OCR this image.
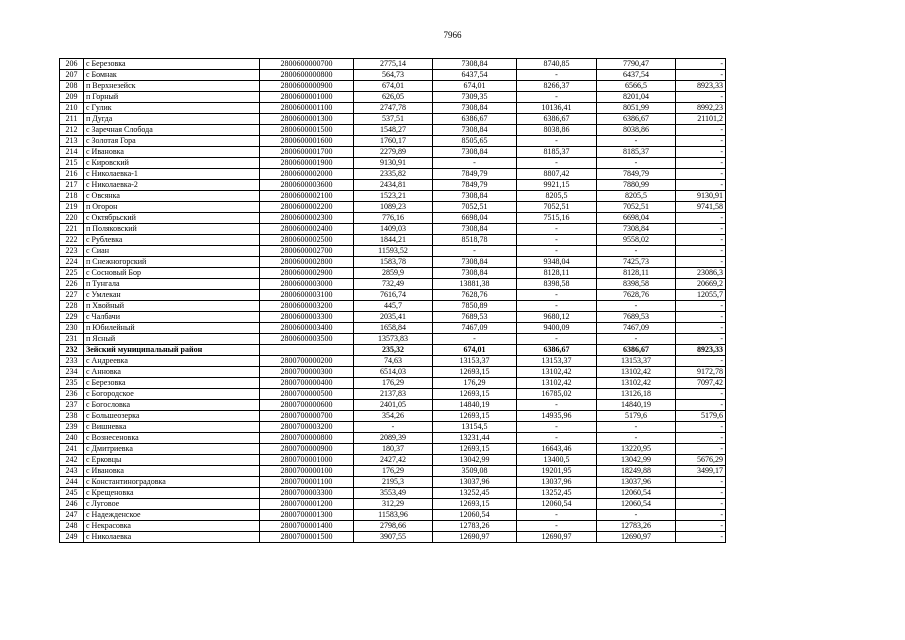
7966
206	с Березовка	2800600000700	2775,14	7308,84	8740,85	7790,47	-
207	с Бомнак	2800600000800	564,73	6437,54	-	6437,54	-
208	п Верхнезейск	2800600000900	674,01	674,01	8266,37	6566,5	8923,33
209	п Горный	2800600001000	626,05	7309,35	-	8201,04	-
210	с Гулик	2800600001100	2747,78	7308,84	10136,41	8051,99	8992,23
211	п Дугда	2800600001300	537,51	6386,67	6386,67	6386,67	21101,2
212	с Заречная Слобода	2800600001500	1548,27	7308,84	8038,86	8038,86	-
213	с Золотая Гора	2800600001600	1760,17	8505,65	-	-	-
214	с Ивановка	2800600001700	2279,89	7308,84	8185,37	8185,37	-
215	с Кировский	2800600001900	9130,91	-	-	-	-
216	с Николаевка-1	2800600002000	2335,82	7849,79	8807,42	7849,79	-
217	с Николаевка-2	2800600003600	2434,81	7849,79	9921,15	7880,99	-
218	с Овсянка	2800600002100	1523,21	7308,84	8205,5	8205,5	9130,91
219	п Огорон	2800600002200	1089,23	7052,51	7052,51	7052,51	9741,58
220	с Октябрьский	2800600002300	776,16	6698,04	7515,16	6698,04	-
221	п Поляковский	2800600002400	1409,03	7308,84	-	7308,84	-
222	с Рублевка	2800600002500	1844,21	8518,78	-	9558,02	-
223	с Сиан	2800600002700	11593,52	-	-	-	-
224	п Снежногорский	2800600002800	1583,78	7308,84	9348,04	7425,73	-
225	с Сосновый Бор	2800600002900	2859,9	7308,84	8128,11	8128,11	23086,3
226	п Тунгала	2800600003000	732,49	13881,38	8398,58	8398,58	20669,2
227	с Умлекан	2800600003100	7616,74	7628,76	-	7628,76	12055,7
228	п Хвойный	2800600003200	445,7	7850,89	-	-	-
229	с Чалбачи	2800600003300	2035,41	7689,53	9680,12	7689,53	-
230	п Юбилейный	2800600003400	1658,84	7467,09	9400,09	7467,09	-
231	п Ясный	2800600003500	13573,83	-	-	-	-
232	Зейский муниципальный район		235,32	674,01	6386,67	6386,67	8923,33
233	с Андреевка	2800700000200	74,63	13153,37	13153,37	13153,37	-
234	с Анновка	2800700000300	6514,03	12693,15	13102,42	13102,42	9172,78
235	с Березовка	2800700000400	176,29	176,29	13102,42	13102,42	7097,42
236	с Богородское	2800700000500	2137,83	12693,15	16785,02	13126,18	-
237	с Богословка	2800700000600	2401,05	14840,19	-	14840,19	-
238	с Большеозерка	2800700000700	354,26	12693,15	14935,96	5179,6	5179,6
239	с Вишневка	2800700003200	-	13154,5	-	-	-
240	с Вознесеновка	2800700000800	2089,39	13231,44	-	-	-
241	с Дмитриевка	2800700000900	180,37	12693,15	16643,46	13220,95	-
242	с Ерковцы	2800700001000	2427,42	13042,99	13400,5	13042,99	5676,29
243	с Ивановка	2800700000100	176,29	3509,08	19201,95	18249,88	3499,17
244	с Константиноградовка	2800700001100	2195,3	13037,96	13037,96	13037,96	-
245	с Крещеновка	2800700003300	3553,49	13252,45	13252,45	12060,54	-
246	с Луговое	2800700001200	312,29	12693,15	12060,54	12060,54	-
247	с Надежденское	2800700001300	11583,96	12060,54	-	-	-
248	с Некрасовка	2800700001400	2798,66	12783,26	-	12783,26	-
249	с Николаевка	2800700001500	3907,55	12690,97	12690,97	12690,97	-
